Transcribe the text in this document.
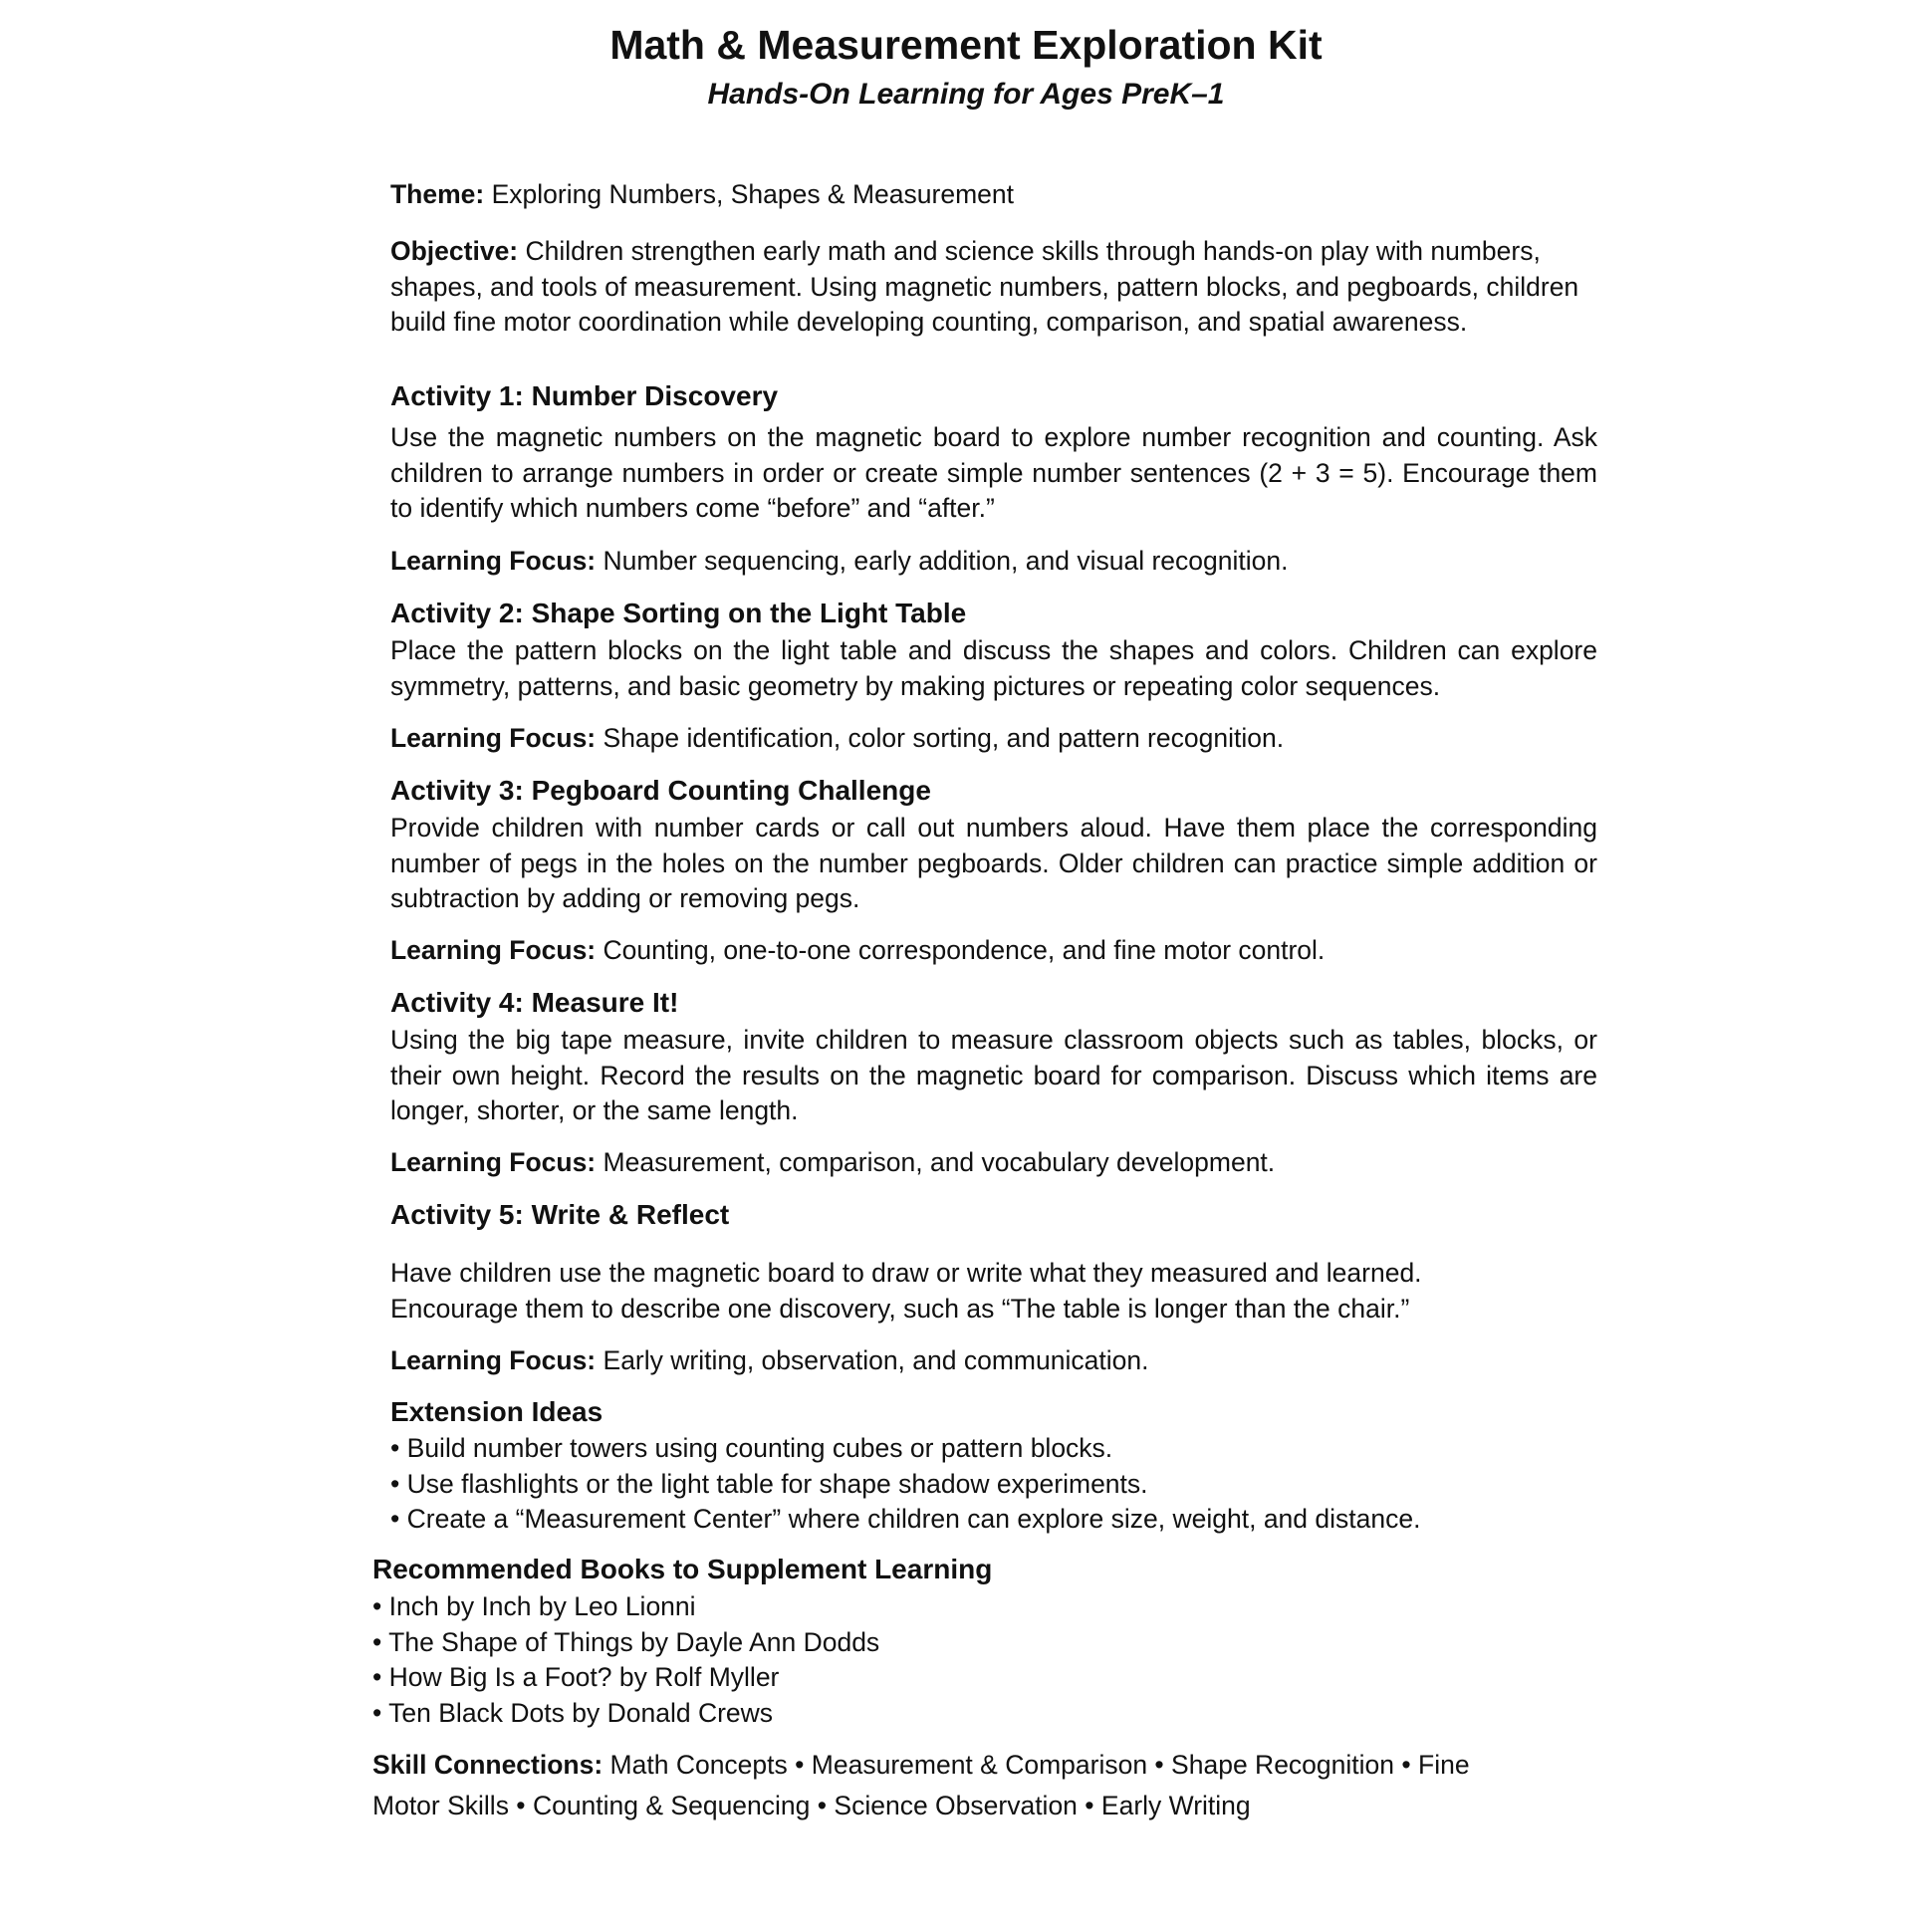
Math & Measurement Exploration Kit
Hands-On Learning for Ages PreK–1

Theme: Exploring Numbers, Shapes & Measurement

Objective: Children strengthen early math and science skills through hands-on play with numbers, shapes, and tools of measurement. Using magnetic numbers, pattern blocks, and pegboards, children build fine motor coordination while developing counting, comparison, and spatial awareness.

Activity 1: Number Discovery

Use the magnetic numbers on the magnetic board to explore number recognition and counting. Ask children to arrange numbers in order or create simple number sentences (2 + 3 = 5). Encourage them to identify which numbers come “before” and “after.”

Learning Focus: Number sequencing, early addition, and visual recognition.

Activity 2: Shape Sorting on the Light Table

Place the pattern blocks on the light table and discuss the shapes and colors. Children can explore symmetry, patterns, and basic geometry by making pictures or repeating color sequences.

Learning Focus: Shape identification, color sorting, and pattern recognition.

Activity 3: Pegboard Counting Challenge

Provide children with number cards or call out numbers aloud. Have them place the corresponding number of pegs in the holes on the number pegboards. Older children can practice simple addition or subtraction by adding or removing pegs.

Learning Focus: Counting, one-to-one correspondence, and fine motor control.

Activity 4: Measure It!

Using the big tape measure, invite children to measure classroom objects such as tables, blocks, or their own height. Record the results on the magnetic board for comparison. Discuss which items are longer, shorter, or the same length.

Learning Focus: Measurement, comparison, and vocabulary development.

Activity 5: Write & Reflect

Have children use the magnetic board to draw or write what they measured and learned.
Encourage them to describe one discovery, such as “The table is longer than the chair.”

Learning Focus: Early writing, observation, and communication.

Extension Ideas
• Build number towers using counting cubes or pattern blocks.
• Use flashlights or the light table for shape shadow experiments.
• Create a “Measurement Center” where children can explore size, weight, and distance.
Recommended Books to Supplement Learning
• Inch by Inch by Leo Lionni
• The Shape of Things by Dayle Ann Dodds
• How Big Is a Foot? by Rolf Myller
• Ten Black Dots by Donald Crews

Skill Connections: Math Concepts • Measurement & Comparison • Shape Recognition • Fine Motor Skills • Counting & Sequencing • Science Observation • Early Writing
